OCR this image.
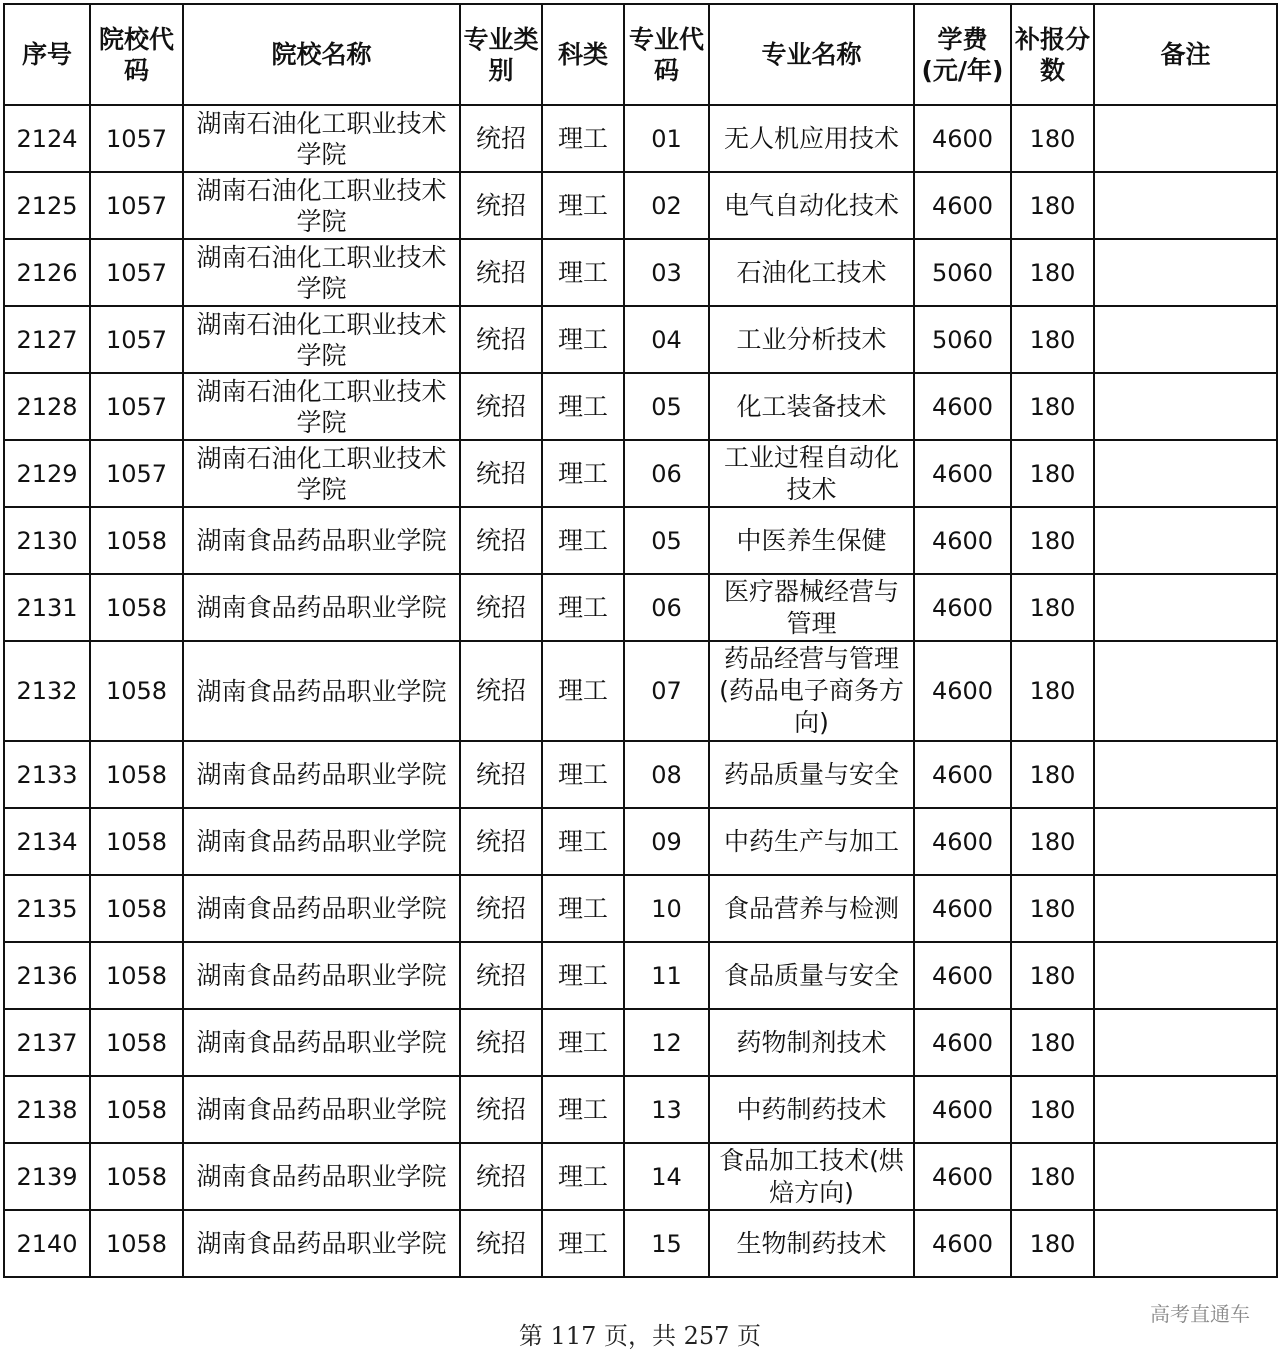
序号	院校代码	院校名称	专业类别	科类	专业代码	专业名称	学费(元/年)	补报分数	备注
2124	1057	湖南石油化工职业技术学院	统招	理工	01	无人机应用技术	4600	180	
2125	1057	湖南石油化工职业技术学院	统招	理工	02	电气自动化技术	4600	180	
2126	1057	湖南石油化工职业技术学院	统招	理工	03	石油化工技术	5060	180	
2127	1057	湖南石油化工职业技术学院	统招	理工	04	工业分析技术	5060	180	
2128	1057	湖南石油化工职业技术学院	统招	理工	05	化工装备技术	4600	180	
2129	1057	湖南石油化工职业技术学院	统招	理工	06	工业过程自动化技术	4600	180	
2130	1058	湖南食品药品职业学院	统招	理工	05	中医养生保健	4600	180	
2131	1058	湖南食品药品职业学院	统招	理工	06	医疗器械经营与管理	4600	180	
2132	1058	湖南食品药品职业学院	统招	理工	07	药品经营与管理(药品电子商务方向)	4600	180	
2133	1058	湖南食品药品职业学院	统招	理工	08	药品质量与安全	4600	180	
2134	1058	湖南食品药品职业学院	统招	理工	09	中药生产与加工	4600	180	
2135	1058	湖南食品药品职业学院	统招	理工	10	食品营养与检测	4600	180	
2136	1058	湖南食品药品职业学院	统招	理工	11	食品质量与安全	4600	180	
2137	1058	湖南食品药品职业学院	统招	理工	12	药物制剂技术	4600	180	
2138	1058	湖南食品药品职业学院	统招	理工	13	中药制药技术	4600	180	
2139	1058	湖南食品药品职业学院	统招	理工	14	食品加工技术(烘焙方向)	4600	180	
2140	1058	湖南食品药品职业学院	统招	理工	15	生物制药技术	4600	180	
第 117 页，共 257 页
高考直通车
